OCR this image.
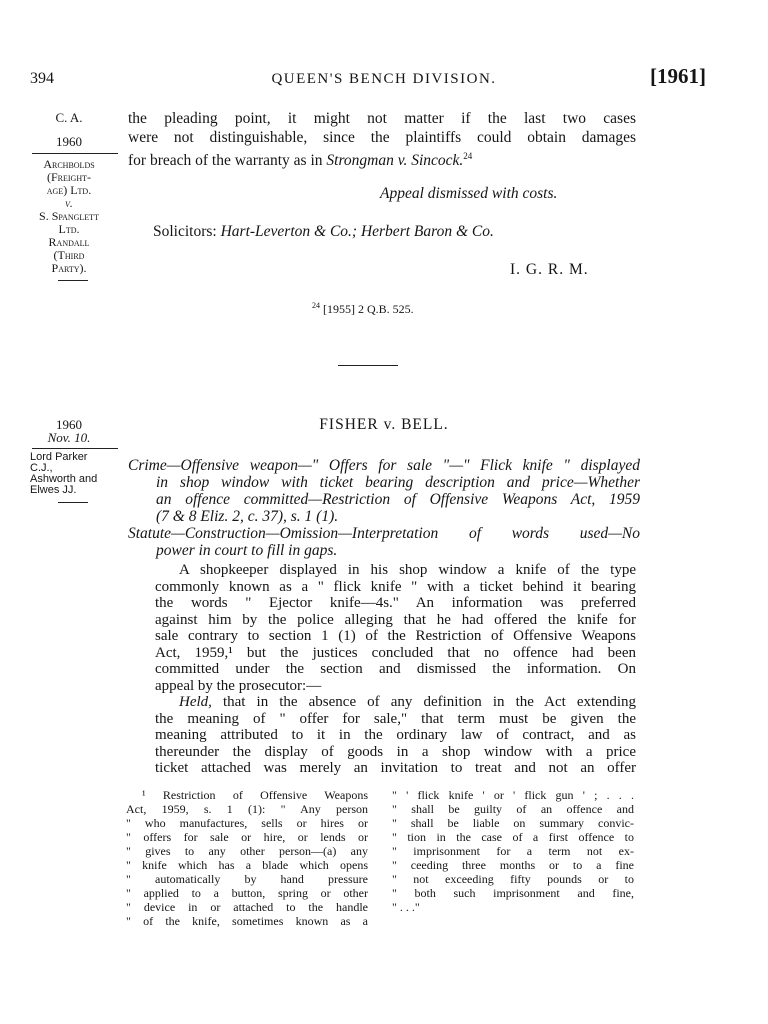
394	QUEEN'S BENCH DIVISION.	[1961]
C. A.
1960
Archbolds
(Freight-
age) Ltd.
v.
S. Spanglett
Ltd.
Randall
(Third
Party).
the pleading point, it might not matter if the last two cases
were not distinguishable, since the plaintiffs could obtain damages
for breach of the warranty as in Strongman v. Sincock.$^{24}$
Appeal dismissed with costs.
Solicitors: Hart-Leverton & Co.; Herbert Baron & Co.
I. G. R. M.
$^{24}$ [1955] 2 Q.B. 525.
1960
Nov. 10.
Lord Parker
C.J.,
Ashworth and
Elwes JJ.
FISHER v. BELL.
Crime—Offensive weapon—" Offers for sale "—" Flick knife " displayed
in shop window with ticket bearing description and price—Whether
an offence committed—Restriction of Offensive Weapons Act, 1959
(7 & 8 Eliz. 2, c. 37), s. 1 (1).
Statute—Construction—Omission—Interpretation of words used—No
power in court to fill in gaps.
A shopkeeper displayed in his shop window a knife of the type
commonly known as a " flick knife " with a ticket behind it bearing
the words " Ejector knife—4s." An information was preferred
against him by the police alleging that he had offered the knife for
sale contrary to section 1 (1) of the Restriction of Offensive Weapons
Act, 1959,¹ but the justices concluded that no offence had been
committed under the section and dismissed the information. On
appeal by the prosecutor:—
Held, that in the absence of any definition in the Act extending
the meaning of " offer for sale," that term must be given the
meaning attributed to it in the ordinary law of contract, and as
thereunder the display of goods in a shop window with a price
ticket attached was merely an invitation to treat and not an offer
¹ Restriction of Offensive Weapons
Act, 1959, s. 1 (1): " Any person
" who manufactures, sells or hires or
" offers for sale or hire, or lends or
" gives to any other person—(a) any
" knife which has a blade which opens
" automatically by hand pressure
" applied to a button, spring or other
" device in or attached to the handle
" of the knife, sometimes known as a
" ' flick knife ' or ' flick gun ' ; . . .
" shall be guilty of an offence and
" shall be liable on summary convic-
" tion in the case of a first offence to
" imprisonment for a term not ex-
" ceeding three months or to a fine
" not exceeding fifty pounds or to
" both such imprisonment and fine,
" . . ."
